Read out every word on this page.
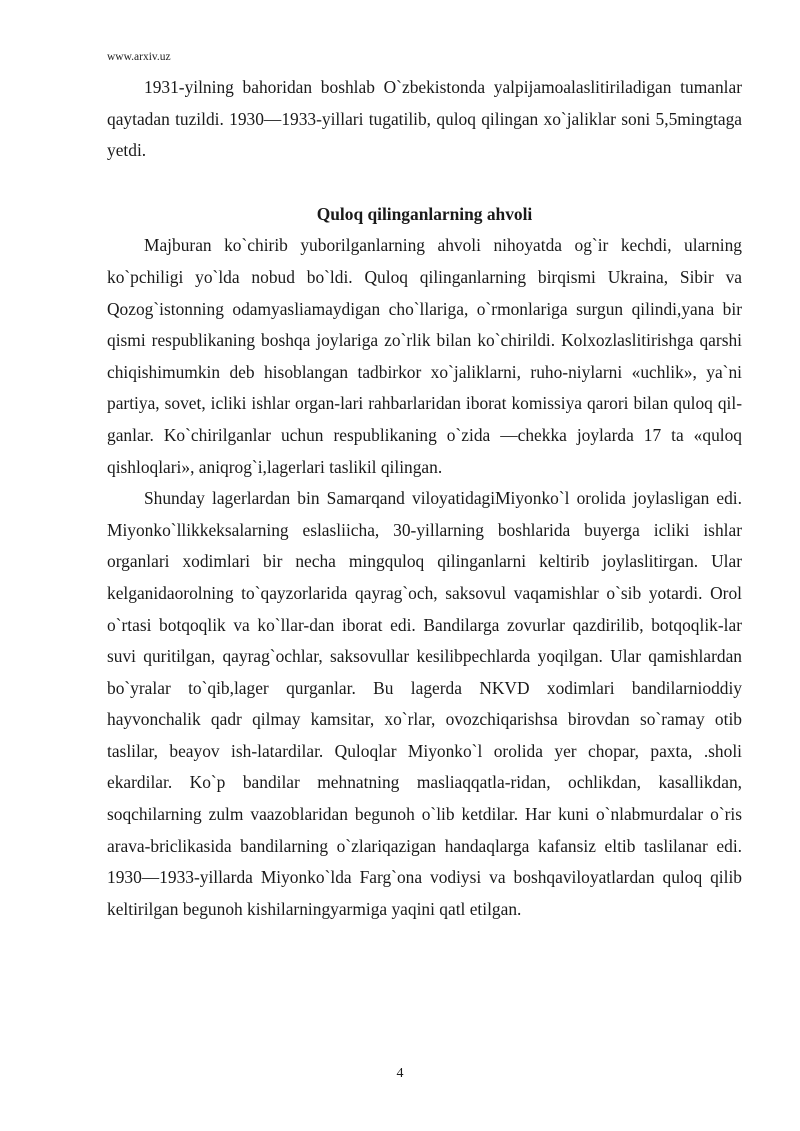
www.arxiv.uz

1931-yilning bahoridan boshlab O`zbekistonda yalpijamoalaslitiriladigan tumanlar qaytadan tuzildi. 1930—1933-yillari tugatilib, quloq qilingan xo`jaliklar soni 5,5mingtaga yetdi.

Quloq qilinganlarning ahvoli

Majburan ko`chirib yuborilganlarning ahvoli nihoyatda og`ir kechdi, ularning ko`pchiligi yo`lda nobud bo`ldi. Quloq qilinganlarning birqismi Ukraina, Sibir va Qozog`istonning odamyasliamaydigan cho`llariga, o`rmonlariga surgun qilindi,yana bir qismi respublikaning boshqa joylariga zo`rlik bilan ko`chirildi. Kolxozlaslitirishga qarshi chiqishimumkin deb hisoblangan tadbirkor xo`jaliklarni, ruho-niylarni «uchlik», ya`ni partiya, sovet, icliki ishlar organ-lari rahbarlaridan iborat komissiya qarori bilan quloq qil-ganlar. Ko`chirilganlar uchun respublikaning o`zida —chekka joylarda 17 ta «quloq qishloqlari», aniqrog`i,lagerlari taslikil qilingan.

Shunday lagerlardan bin Samarqand viloyatidagiMiyonko`l orolida joylasligan edi. Miyonko`llikkeksalarning eslasliicha, 30-yillarning boshlarida buyerga icliki ishlar organlari xodimlari bir necha mingquloq qilinganlarni keltirib joylaslitirgan. Ular kelganidaorolning to`qayzorlarida qayrag`och, saksovul vaqamishlar o`sib yotardi. Orol o`rtasi botqoqlik va ko`llar-dan iborat edi. Bandilarga zovurlar qazdirilib, botqoqlik-lar suvi quritilgan, qayrag`ochlar, saksovullar kesilibpechlarda yoqilgan. Ular qamishlardan bo`yralar to`qib,lager qurganlar. Bu lagerda NKVD xodimlari bandilarnioddiy hayvonchalik qadr qilmay kamsitar, xo`rlar, ovozchiqarishsa birovdan so`ramay otib taslilar, beayov ish-latardilar. Quloqlar Miyonko`l orolida yer chopar, paxta, .sholi ekardilar. Ko`p bandilar mehnatning masliaqqatla-ridan, ochlikdan, kasallikdan, soqchilarning zulm vaazoblaridan begunoh o`lib ketdilar. Har kuni o`nlabmurdalar o`ris arava-briclikasida bandilarning o`zlariqazigan handaqlarga kafansiz eltib taslilanar edi. 1930—1933-yillarda Miyonko`lda Farg`ona vodiysi va boshqaviloyatlardan quloq qilib keltirilgan begunoh kishilarningyarmiga yaqini qatl etilgan.

4
